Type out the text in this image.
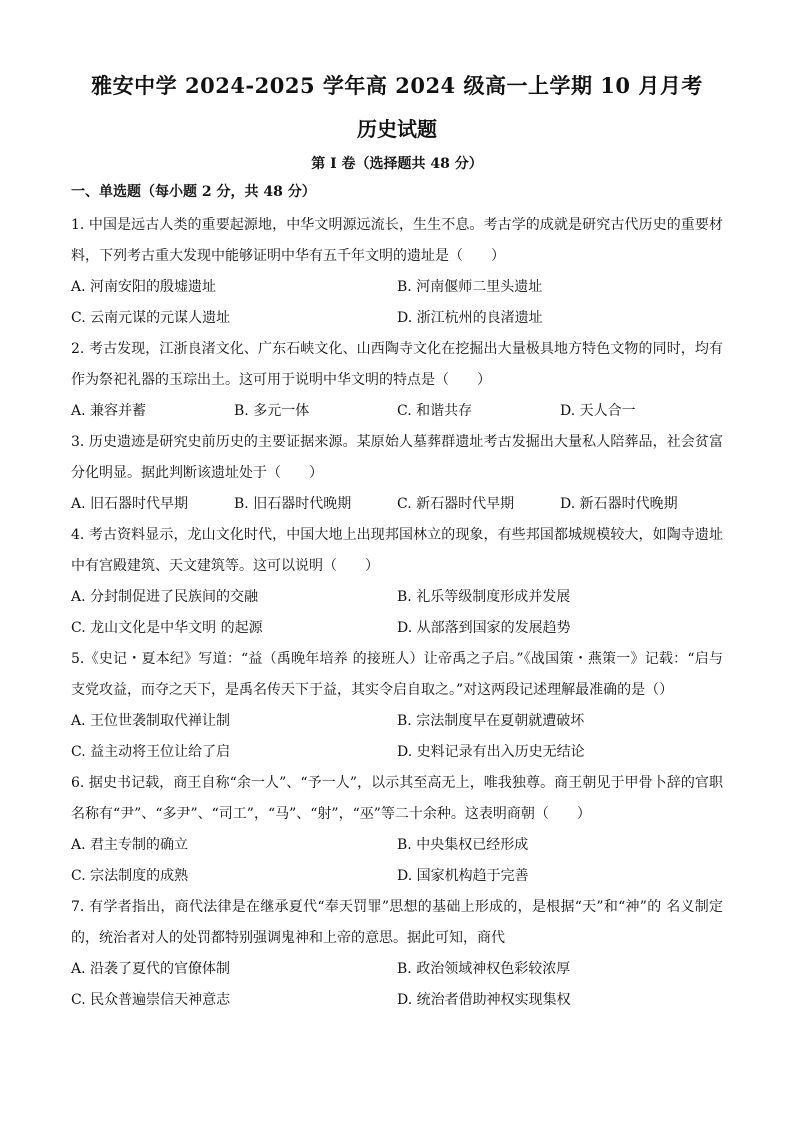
雅安中学 2024-2025 学年高 2024 级高一上学期 10 月月考
历史试题
第 I 卷（选择题共 48 分）
一、单选题（每小题 2 分，共 48 分）

1. 中国是远古人类的重要起源地，中华文明源远流长，生生不息。考古学的成就是研究古代历史的重要材料，下列考古重大发现中能够证明中华有五千年文明的遗址是（　　）

A. 河南安阳的殷墟遗址	B. 河南偃师二里头遗址
C. 云南元谋的元谋人遗址	D. 浙江杭州的良渚遗址

2. 考古发现，江浙良渚文化、广东石峡文化、山西陶寺文化在挖掘出大量极具地方特色文物的同时，均有作为祭祀礼器的玉琮出土。这可用于说明中华文明的特点是（　　）

A. 兼容并蓄	B. 多元一体	C. 和谐共存	D. 天人合一

3. 历史遗迹是研究史前历史的主要证据来源。某原始人墓葬群遗址考古发掘出大量私人陪葬品，社会贫富分化明显。据此判断该遗址处于（　　）

A. 旧石器时代早期	B. 旧石器时代晚期	C. 新石器时代早期	D. 新石器时代晚期

4. 考古资料显示，龙山文化时代，中国大地上出现邦国林立的现象，有些邦国都城规模较大，如陶寺遗址中有宫殿建筑、天文建筑等。这可以说明（　　）

A. 分封制促进了民族间的交融	B. 礼乐等级制度形成并发展
C. 龙山文化是中华文明 的起源	D. 从部落到国家的发展趋势

5.《史记・夏本纪》写道：“益（禹晚年培养 的接班人）让帝禹之子启。”《战国策・燕策一》记载：“启与支党攻益，而夺之天下，是禹名传天下于益，其实令启自取之。”对这两段记述理解最准确的是（）

A. 王位世袭制取代禅让制	B. 宗法制度早在夏朝就遭破坏
C. 益主动将王位让给了启	D. 史料记录有出入历史无结论

6. 据史书记载，商王自称“余一人”、“予一人”，以示其至高无上，唯我独尊。商王朝见于甲骨卜辞的官职名称有“尹”、“多尹”、“司工”，“马”、“射”，“巫”等二十余种。这表明商朝（　　）

A. 君主专制的确立	B. 中央集权已经形成
C. 宗法制度的成熟	D. 国家机构趋于完善

7. 有学者指出，商代法律是在继承夏代“奉天罚罪”思想的基础上形成的，是根据“天”和“神”的 名义制定的，统治者对人的处罚都特别强调鬼神和上帝的意思。据此可知，商代

A. 沿袭了夏代的官僚体制	B. 政治领域神权色彩较浓厚
C. 民众普遍崇信天神意志	D. 统治者借助神权实现集权
